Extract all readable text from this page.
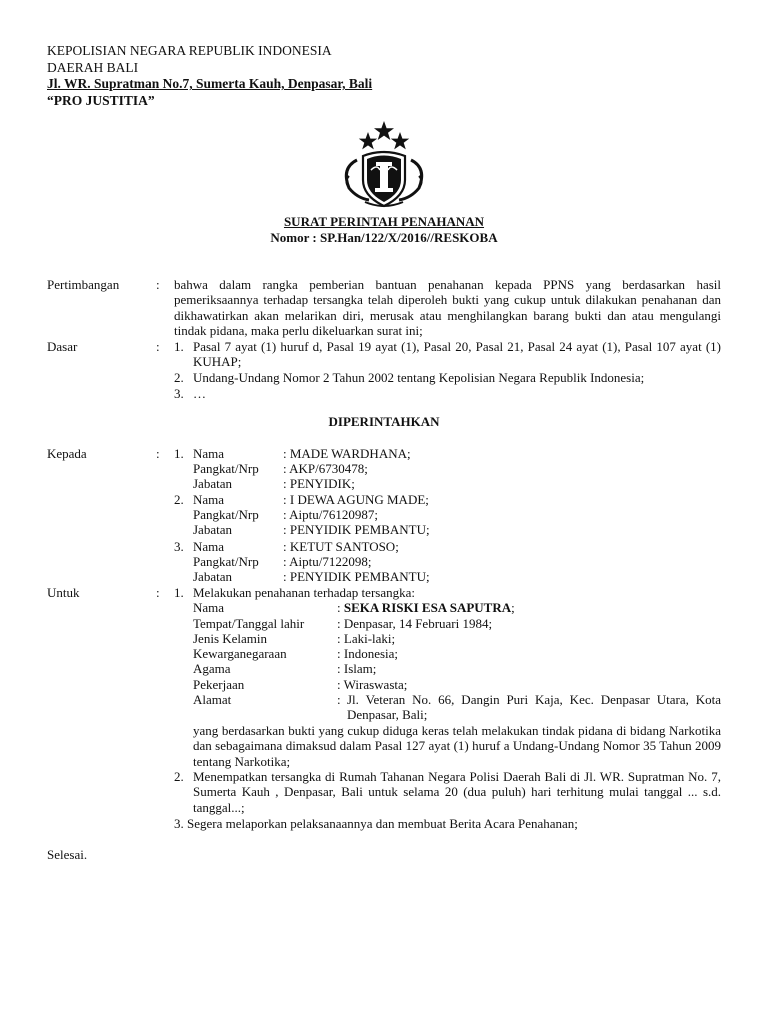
KEPOLISIAN NEGARA REPUBLIK INDONESIA
DAERAH BALI
Jl. WR. Supratman No.7, Sumerta Kauh, Denpasar, Bali
“PRO JUSTITIA”
SURAT PERINTAH PENAHANAN
Nomor : SP.Han/122/X/2016//RESKOBA
Pertimbangan	: bahwa dalam rangka pemberian bantuan penahanan kepada PPNS yang berdasarkan hasil pemeriksaannya terhadap tersangka telah diperoleh bukti yang cukup untuk dilakukan penahanan dan dikhawatirkan akan melarikan diri, merusak atau menghilangkan barang bukti dan atau mengulangi tindak pidana, maka perlu dikeluarkan surat ini;
Dasar	: 1. Pasal 7 ayat (1) huruf d, Pasal 19 ayat (1), Pasal 20, Pasal 21, Pasal 24 ayat (1), Pasal 107 ayat (1) KUHAP;
2. Undang-Undang Nomor 2 Tahun 2002 tentang Kepolisian Negara Republik Indonesia;
3. …
DIPERINTAHKAN
Kepada	: 1. Nama	: MADE WARDHANA;
Pangkat/Nrp : AKP/6730478;
Jabatan	: PENYIDIK;
2. Nama	: I DEWA AGUNG MADE;
Pangkat/Nrp : Aiptu/76120987;
Jabatan	: PENYIDIK PEMBANTU;
3. Nama	: KETUT SANTOSO;
Pangkat/Nrp : Aiptu/7122098;
Jabatan	: PENYIDIK PEMBANTU;
Untuk	: 1. Melakukan penahanan terhadap tersangka:
Nama	: SEKA RISKI ESA SAPUTRA;
Tempat/Tanggal lahir	: Denpasar, 14 Februari 1984;
Jenis Kelamin	: Laki-laki;
Kewarganegaraan	: Indonesia;
Agama	: Islam;
Pekerjaan	: Wiraswasta;
Alamat	: Jl. Veteran No. 66, Dangin Puri Kaja, Kec. Denpasar Utara, Kota Denpasar, Bali;
yang berdasarkan bukti yang cukup diduga keras telah melakukan tindak pidana di bidang Narkotika dan sebagaimana dimaksud dalam Pasal 127 ayat (1) huruf a Undang-Undang Nomor 35 Tahun 2009 tentang Narkotika;
2. Menempatkan tersangka di Rumah Tahanan Negara Polisi Daerah Bali di Jl. WR. Supratman No. 7, Sumerta Kauh , Denpasar, Bali untuk selama 20 (dua puluh) hari terhitung mulai tanggal ... s.d. tanggal...;
3. Segera melaporkan pelaksanaannya dan membuat Berita Acara Penahanan;
Selesai.
